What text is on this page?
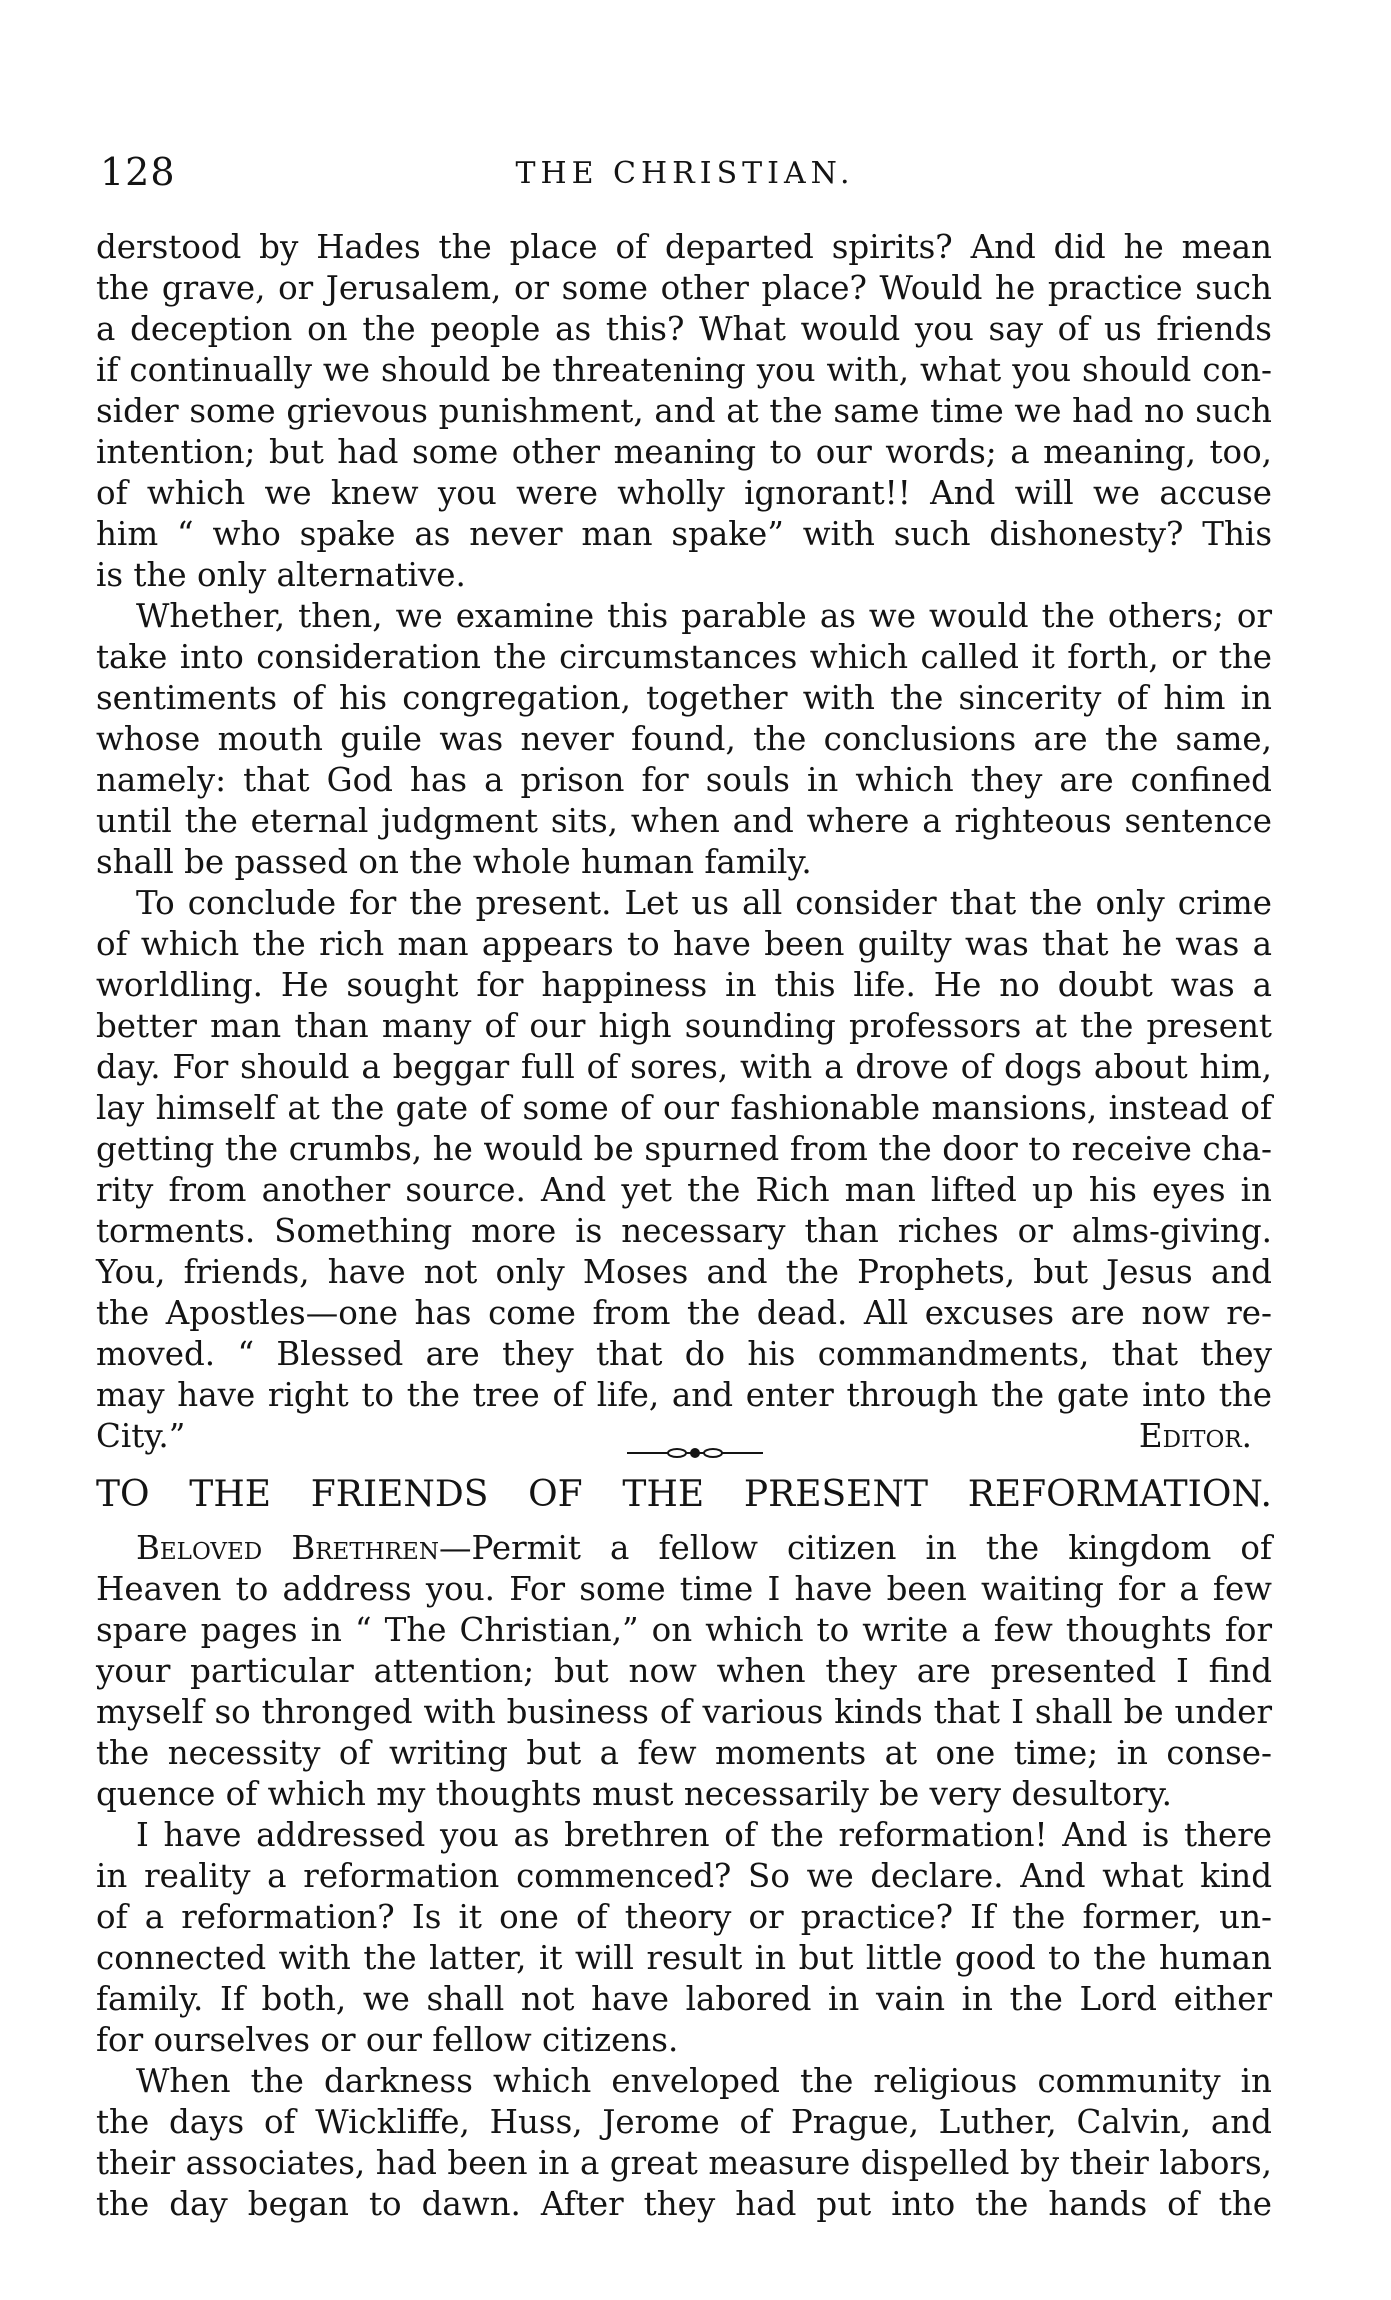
128	THE CHRISTIAN.
derstood by Hades the place of departed spirits? And did he mean
the grave, or Jerusalem, or some other place? Would he practice such
a deception on the people as this? What would you say of us friends
if continually we should be threatening you with, what you should con-
sider some grievous punishment, and at the same time we had no such
intention; but had some other meaning to our words; a meaning, too,
of which we knew you were wholly ignorant!! And will we accuse
him “ who spake as never man spake” with such dishonesty? This
is the only alternative.
Whether, then, we examine this parable as we would the others; or
take into consideration the circumstances which called it forth, or the
sentiments of his congregation, together with the sincerity of him in
whose mouth guile was never found, the conclusions are the same,
namely: that God has a prison for souls in which they are confined
until the eternal judgment sits, when and where a righteous sentence
shall be passed on the whole human family.
To conclude for the present. Let us all consider that the only crime
of which the rich man appears to have been guilty was that he was a
worldling. He sought for happiness in this life. He no doubt was a
better man than many of our high sounding professors at the present
day. For should a beggar full of sores, with a drove of dogs about him,
lay himself at the gate of some of our fashionable mansions, instead of
getting the crumbs, he would be spurned from the door to receive cha-
rity from another source. And yet the Rich man lifted up his eyes in
torments. Something more is necessary than riches or alms-giving.
You, friends, have not only Moses and the Prophets, but Jesus and
the Apostles—one has come from the dead. All excuses are now re-
moved. “ Blessed are they that do his commandments, that they
may have right to the tree of life, and enter through the gate into the
City.”	Editor.
TO THE FRIENDS OF THE PRESENT REFORMATION.
Beloved Brethren—Permit a fellow citizen in the kingdom of
Heaven to address you. For some time I have been waiting for a few
spare pages in “ The Christian,” on which to write a few thoughts for
your particular attention; but now when they are presented I find
myself so thronged with business of various kinds that I shall be under
the necessity of writing but a few moments at one time; in conse-
quence of which my thoughts must necessarily be very desultory.
I have addressed you as brethren of the reformation! And is there
in reality a reformation commenced? So we declare. And what kind
of a reformation? Is it one of theory or practice? If the former, un-
connected with the latter, it will result in but little good to the human
family. If both, we shall not have labored in vain in the Lord either
for ourselves or our fellow citizens.
When the darkness which enveloped the religious community in
the days of Wickliffe, Huss, Jerome of Prague, Luther, Calvin, and
their associates, had been in a great measure dispelled by their labors,
the day began to dawn. After they had put into the hands of the
